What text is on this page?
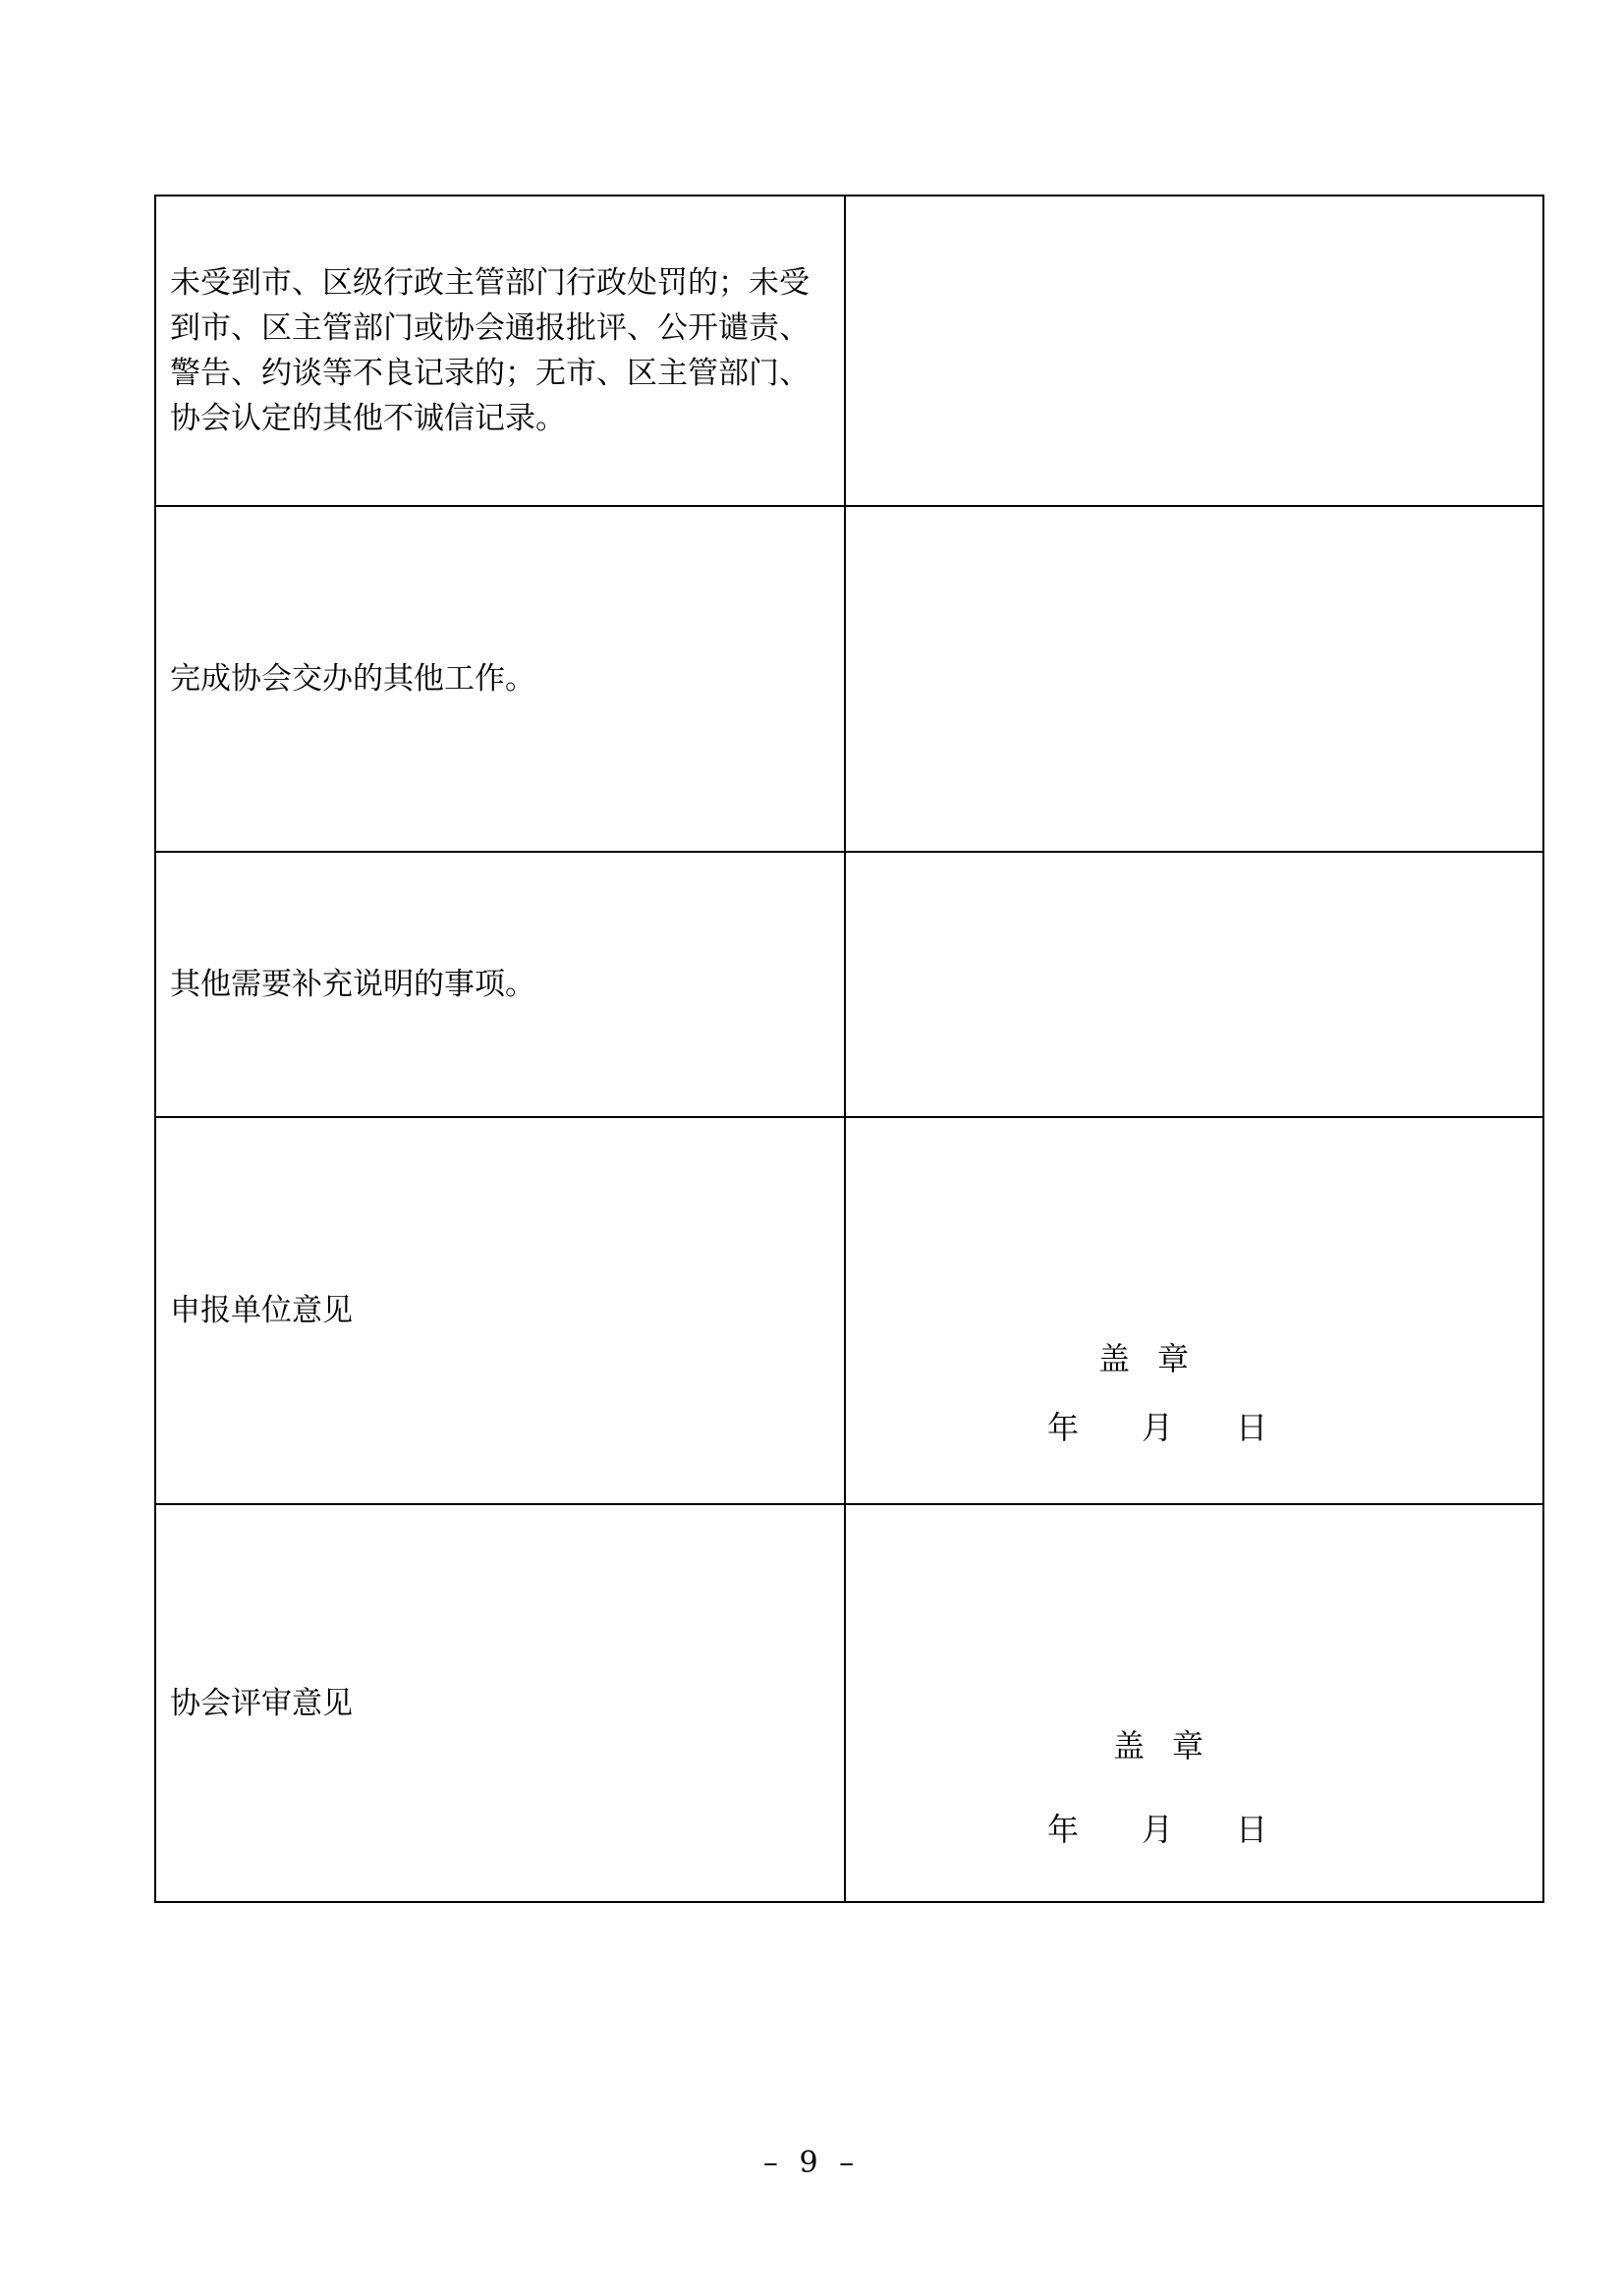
未受到市、区级行政主管部门行政处罚的；未受到市、区主管部门或协会通报批评、公开谴责、警告、约谈等不良记录的；无市、区主管部门、协会认定的其他不诚信记录。	

完成协会交办的其他工作。	

其他需要补充说明的事项。	

申报单位意见	盖章
年 月 日

协会评审意见	盖章
年 月 日
– 9 –
